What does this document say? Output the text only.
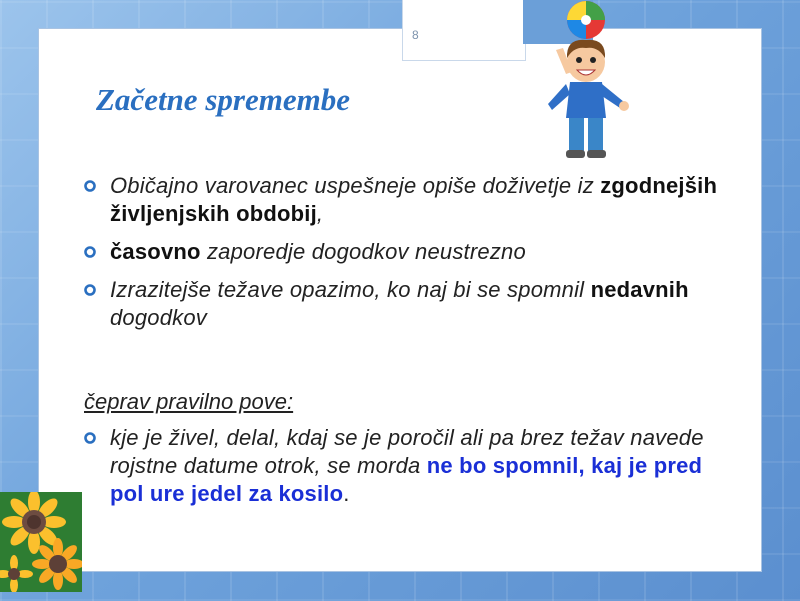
8
Začetne spremembe
Običajno varovanec uspešneje opiše doživetje iz zgodnejših življenjskih obdobij,
časovno zaporedje dogodkov neustrezno
Izrazitejše težave opazimo, ko naj bi se spomnil nedavnih dogodkov
čeprav pravilno pove:
kje je živel, delal, kdaj se je poročil ali pa brez težav navede rojstne datume otrok, se morda ne bo spomnil, kaj je pred pol ure jedel za kosilo.
